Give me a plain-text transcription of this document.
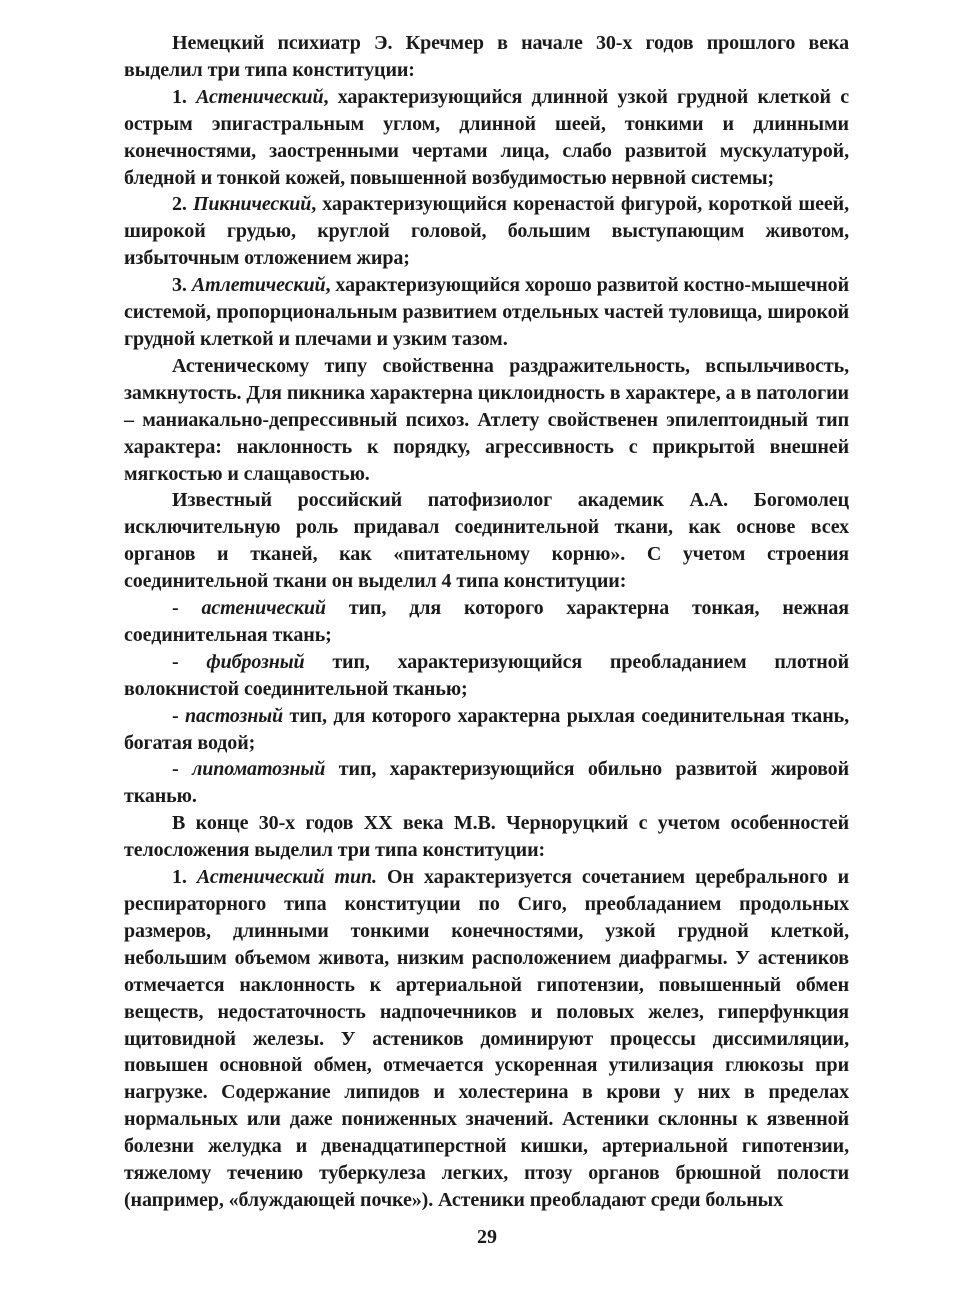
Немецкий психиатр Э. Кречмер в начале 30-х годов прошлого века выделил три типа конституции:

1. Астенический, характеризующийся длинной узкой грудной клеткой с острым эпигастральным углом, длинной шеей, тонкими и длинными конечностями, заостренными чертами лица, слабо развитой мускулатурой, бледной и тонкой кожей, повышенной возбудимостью нервной системы;

2. Пикнический, характеризующийся коренастой фигурой, короткой шеей, широкой грудью, круглой головой, большим выступающим животом, избыточным отложением жира;

3. Атлетический, характеризующийся хорошо развитой костно-мышечной системой, пропорциональным развитием отдельных частей туловища, широкой грудной клеткой и плечами и узким тазом.

Астеническому типу свойственна раздражительность, вспыльчивость, замкнутость. Для пикника характерна циклоидность в характере, а в патологии – маниакально-депрессивный психоз. Атлету свойственен эпилептоидный тип характера: наклонность к порядку, агрессивность с прикрытой внешней мягкостью и слащавостью.

Известный российский патофизиолог академик А.А. Богомолец исключительную роль придавал соединительной ткани, как основе всех органов и тканей, как «питательному корню». С учетом строения соединительной ткани он выделил 4 типа конституции:

- астенический тип, для которого характерна тонкая, нежная соединительная ткань;

- фиброзный тип, характеризующийся преобладанием плотной волокнистой соединительной тканью;

- пастозный тип, для которого характерна рыхлая соединительная ткань, богатая водой;

- липоматозный тип, характеризующийся обильно развитой жировой тканью.

В конце 30-х годов ХХ века М.В. Черноруцкий с учетом особенностей телосложения выделил три типа конституции:

1. Астенический тип. Он характеризуется сочетанием церебрального и респираторного типа конституции по Сиго, преобладанием продольных размеров, длинными тонкими конечностями, узкой грудной клеткой, небольшим объемом живота, низким расположением диафрагмы. У астеников отмечается наклонность к артериальной гипотензии, повышенный обмен веществ, недостаточность надпочечников и половых желез, гиперфункция щитовидной железы. У астеников доминируют процессы диссимиляции, повышен основной обмен, отмечается ускоренная утилизация глюкозы при нагрузке. Содержание липидов и холестерина в крови у них в пределах нормальных или даже пониженных значений. Астеники склонны к язвенной болезни желудка и двенадцатиперстной кишки, артериальной гипотензии, тяжелому течению туберкулеза легких, птозу органов брюшной полости (например, «блуждающей почке»). Астеники преобладают среди больных

29
